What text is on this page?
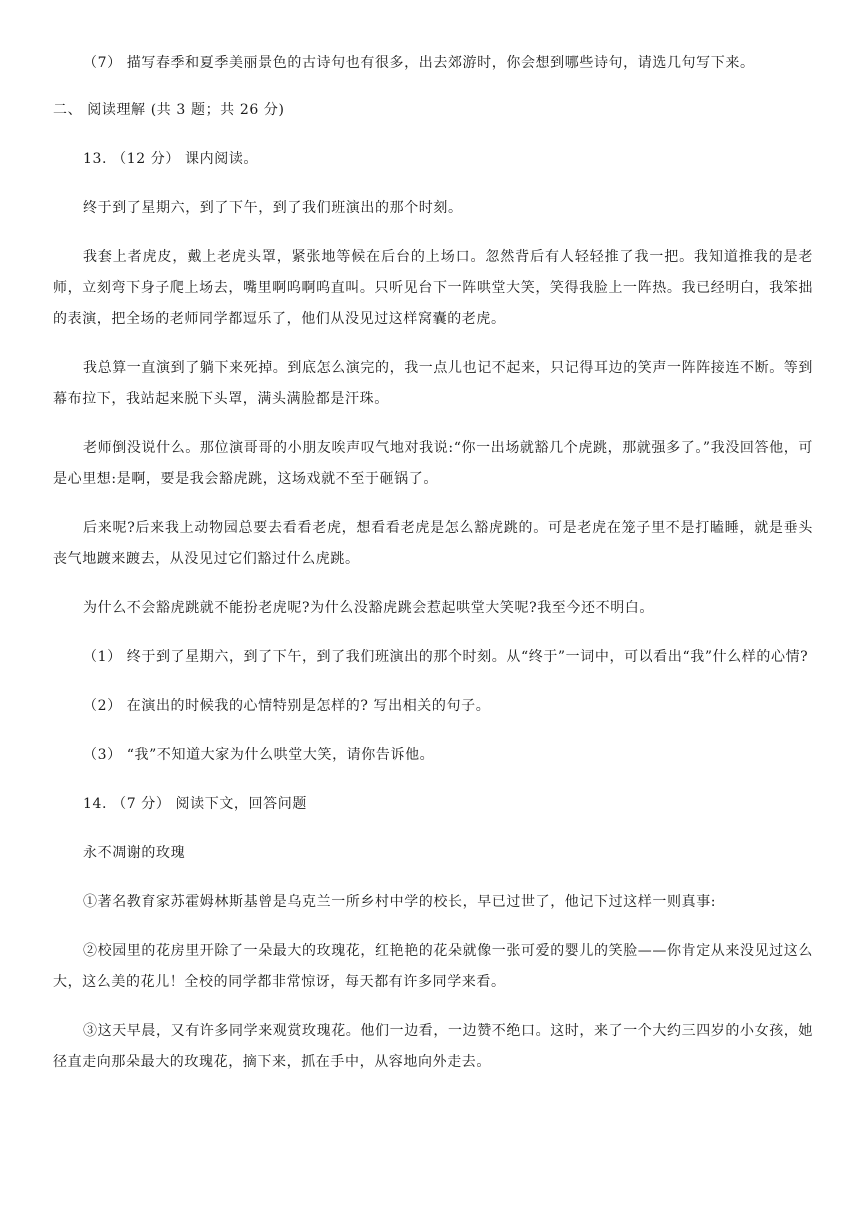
（7） 描写春季和夏季美丽景色的古诗句也有很多，出去郊游时，你会想到哪些诗句，请选几句写下来。

二、 阅读理解 (共 3 题；共 26 分)

13. （12 分） 课内阅读。

终于到了星期六，到了下午，到了我们班演出的那个时刻。

我套上者虎皮，戴上老虎头罩，紧张地等候在后台的上场口。忽然背后有人轻轻推了我一把。我知道推我的是老师，立刻弯下身子爬上场去，嘴里啊呜啊呜直叫。只听见台下一阵哄堂大笑，笑得我脸上一阵热。我已经明白，我笨拙的表演，把全场的老师同学都逗乐了，他们从没见过这样窝囊的老虎。

我总算一直演到了躺下来死掉。到底怎么演完的，我一点儿也记不起来，只记得耳边的笑声一阵阵接连不断。等到幕布拉下，我站起来脱下头罩，满头满脸都是汗珠。

老师倒没说什么。那位演哥哥的小朋友唉声叹气地对我说:“你一出场就豁几个虎跳，那就强多了。”我没回答他，可是心里想:是啊，要是我会豁虎跳，这场戏就不至于砸锅了。

后来呢?后来我上动物园总要去看看老虎，想看看老虎是怎么豁虎跳的。可是老虎在笼子里不是打瞌睡，就是垂头丧气地踱来踱去，从没见过它们豁过什么虎跳。

为什么不会豁虎跳就不能扮老虎呢?为什么没豁虎跳会惹起哄堂大笑呢?我至今还不明白。

（1） 终于到了星期六，到了下午，到了我们班演出的那个时刻。从“终于”一词中，可以看出“我”什么样的心情?

（2） 在演出的时候我的心情特别是怎样的? 写出相关的句子。

（3） “我”不知道大家为什么哄堂大笑，请你告诉他。

14. （7 分） 阅读下文，回答问题

永不凋谢的玫瑰

①著名教育家苏霍姆林斯基曾是乌克兰一所乡村中学的校长，早已过世了，他记下过这样一则真事:

②校园里的花房里开除了一朵最大的玫瑰花，红艳艳的花朵就像一张可爱的婴儿的笑脸——你肯定从来没见过这么大，这么美的花儿！全校的同学都非常惊讶，每天都有许多同学来看。

③这天早晨，又有许多同学来观赏玫瑰花。他们一边看，一边赞不绝口。这时，来了一个大约三四岁的小女孩，她径直走向那朵最大的玫瑰花，摘下来，抓在手中，从容地向外走去。
